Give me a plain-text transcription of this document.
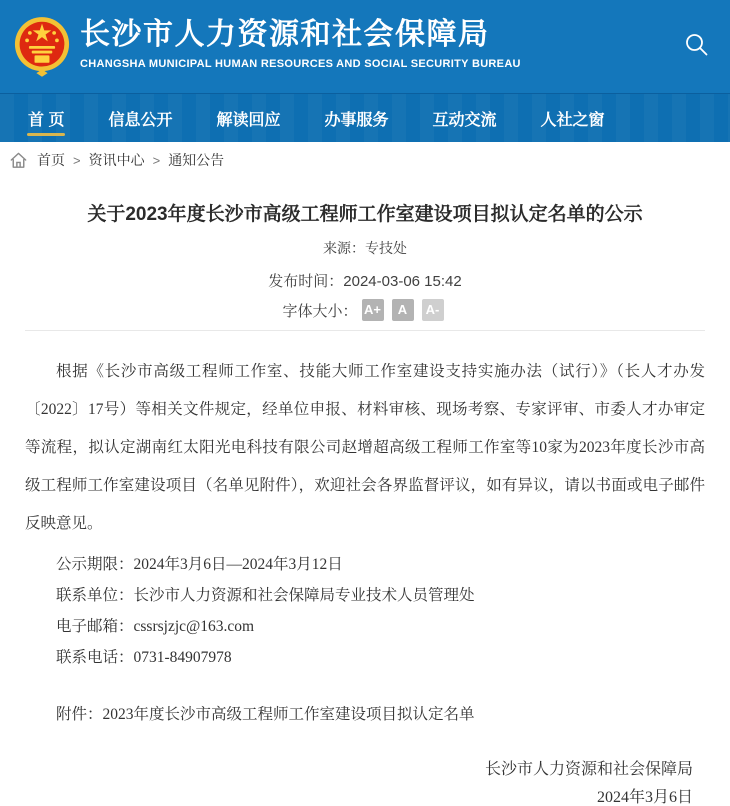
长沙市人力资源和社会保障局
CHANGSHA MUNICIPAL HUMAN RESOURCES AND SOCIAL SECURITY BUREAU
首 页	信息公开	解读回应	办事服务	互动交流	人社之窗
首页 > 资讯中心 > 通知公告
关于2023年度长沙市高级工程师工作室建设项目拟认定名单的公示
来源：专技处
发布时间：2024-03-06 15:42
字体大小： A+	A	A-

根据《长沙市高级工程师工作室、技能大师工作室建设支持实施办法（试行）》（长人才办发〔2022〕17号）等相关文件规定，经单位申报、材料审核、现场考察、专家评审、市委人才办审定等流程，拟认定湖南红太阳光电科技有限公司赵增超高级工程师工作室等10家为2023年度长沙市高级工程师工作室建设项目（名单见附件），欢迎社会各界监督评议，如有异议，请以书面或电子邮件反映意见。

公示期限：2024年3月6日—2024年3月12日
联系单位：长沙市人力资源和社会保障局专业技术人员管理处
电子邮箱：cssrsjzjc@163.com
联系电话：0731-84907978
附件：2023年度长沙市高级工程师工作室建设项目拟认定名单
长沙市人力资源和社会保障局
2024年3月6日
